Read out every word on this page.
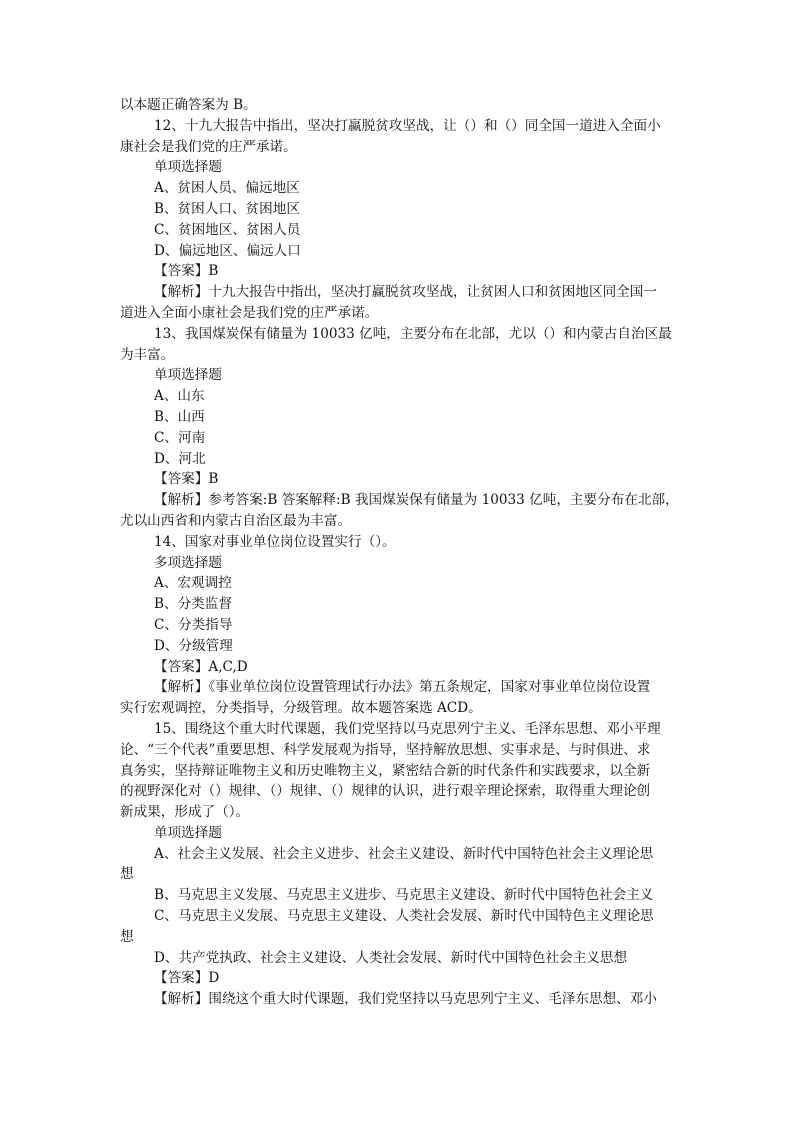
以本题正确答案为 B。
12、十九大报告中指出，坚决打赢脱贫攻坚战，让（）和（）同全国一道进入全面小
康社会是我们党的庄严承诺。
单项选择题
A、贫困人员、偏远地区
B、贫困人口、贫困地区
C、贫困地区、贫困人员
D、偏远地区、偏远人口
【答案】B
【解析】十九大报告中指出，坚决打赢脱贫攻坚战，让贫困人口和贫困地区同全国一
道进入全面小康社会是我们党的庄严承诺。
13、我国煤炭保有储量为 10033 亿吨，主要分布在北部，尤以（）和内蒙古自治区最
为丰富。
单项选择题
A、山东
B、山西
C、河南
D、河北
【答案】B
【解析】参考答案:B 答案解释:B 我国煤炭保有储量为 10033 亿吨，主要分布在北部，
尤以山西省和内蒙古自治区最为丰富。
14、国家对事业单位岗位设置实行（）。
多项选择题
A、宏观调控
B、分类监督
C、分类指导
D、分级管理
【答案】A,C,D
【解析】《事业单位岗位设置管理试行办法》第五条规定，国家对事业单位岗位设置
实行宏观调控，分类指导，分级管理。故本题答案选 ACD。
15、围绕这个重大时代课题，我们党坚持以马克思列宁主义、毛泽东思想、邓小平理
论、“三个代表”重要思想、科学发展观为指导，坚持解放思想、实事求是、与时俱进、求
真务实，坚持辩证唯物主义和历史唯物主义，紧密结合新的时代条件和实践要求，以全新
的视野深化对（）规律、（）规律、（）规律的认识，进行艰辛理论探索，取得重大理论创
新成果，形成了（）。
单项选择题
A、社会主义发展、社会主义进步、社会主义建设、新时代中国特色社会主义理论思
想
B、马克思主义发展、马克思主义进步、马克思主义建设、新时代中国特色社会主义
C、马克思主义发展、马克思主义建设、人类社会发展、新时代中国特色主义理论思
想
D、共产党执政、社会主义建设、人类社会发展、新时代中国特色社会主义思想
【答案】D
【解析】围绕这个重大时代课题，我们党坚持以马克思列宁主义、毛泽东思想、邓小
